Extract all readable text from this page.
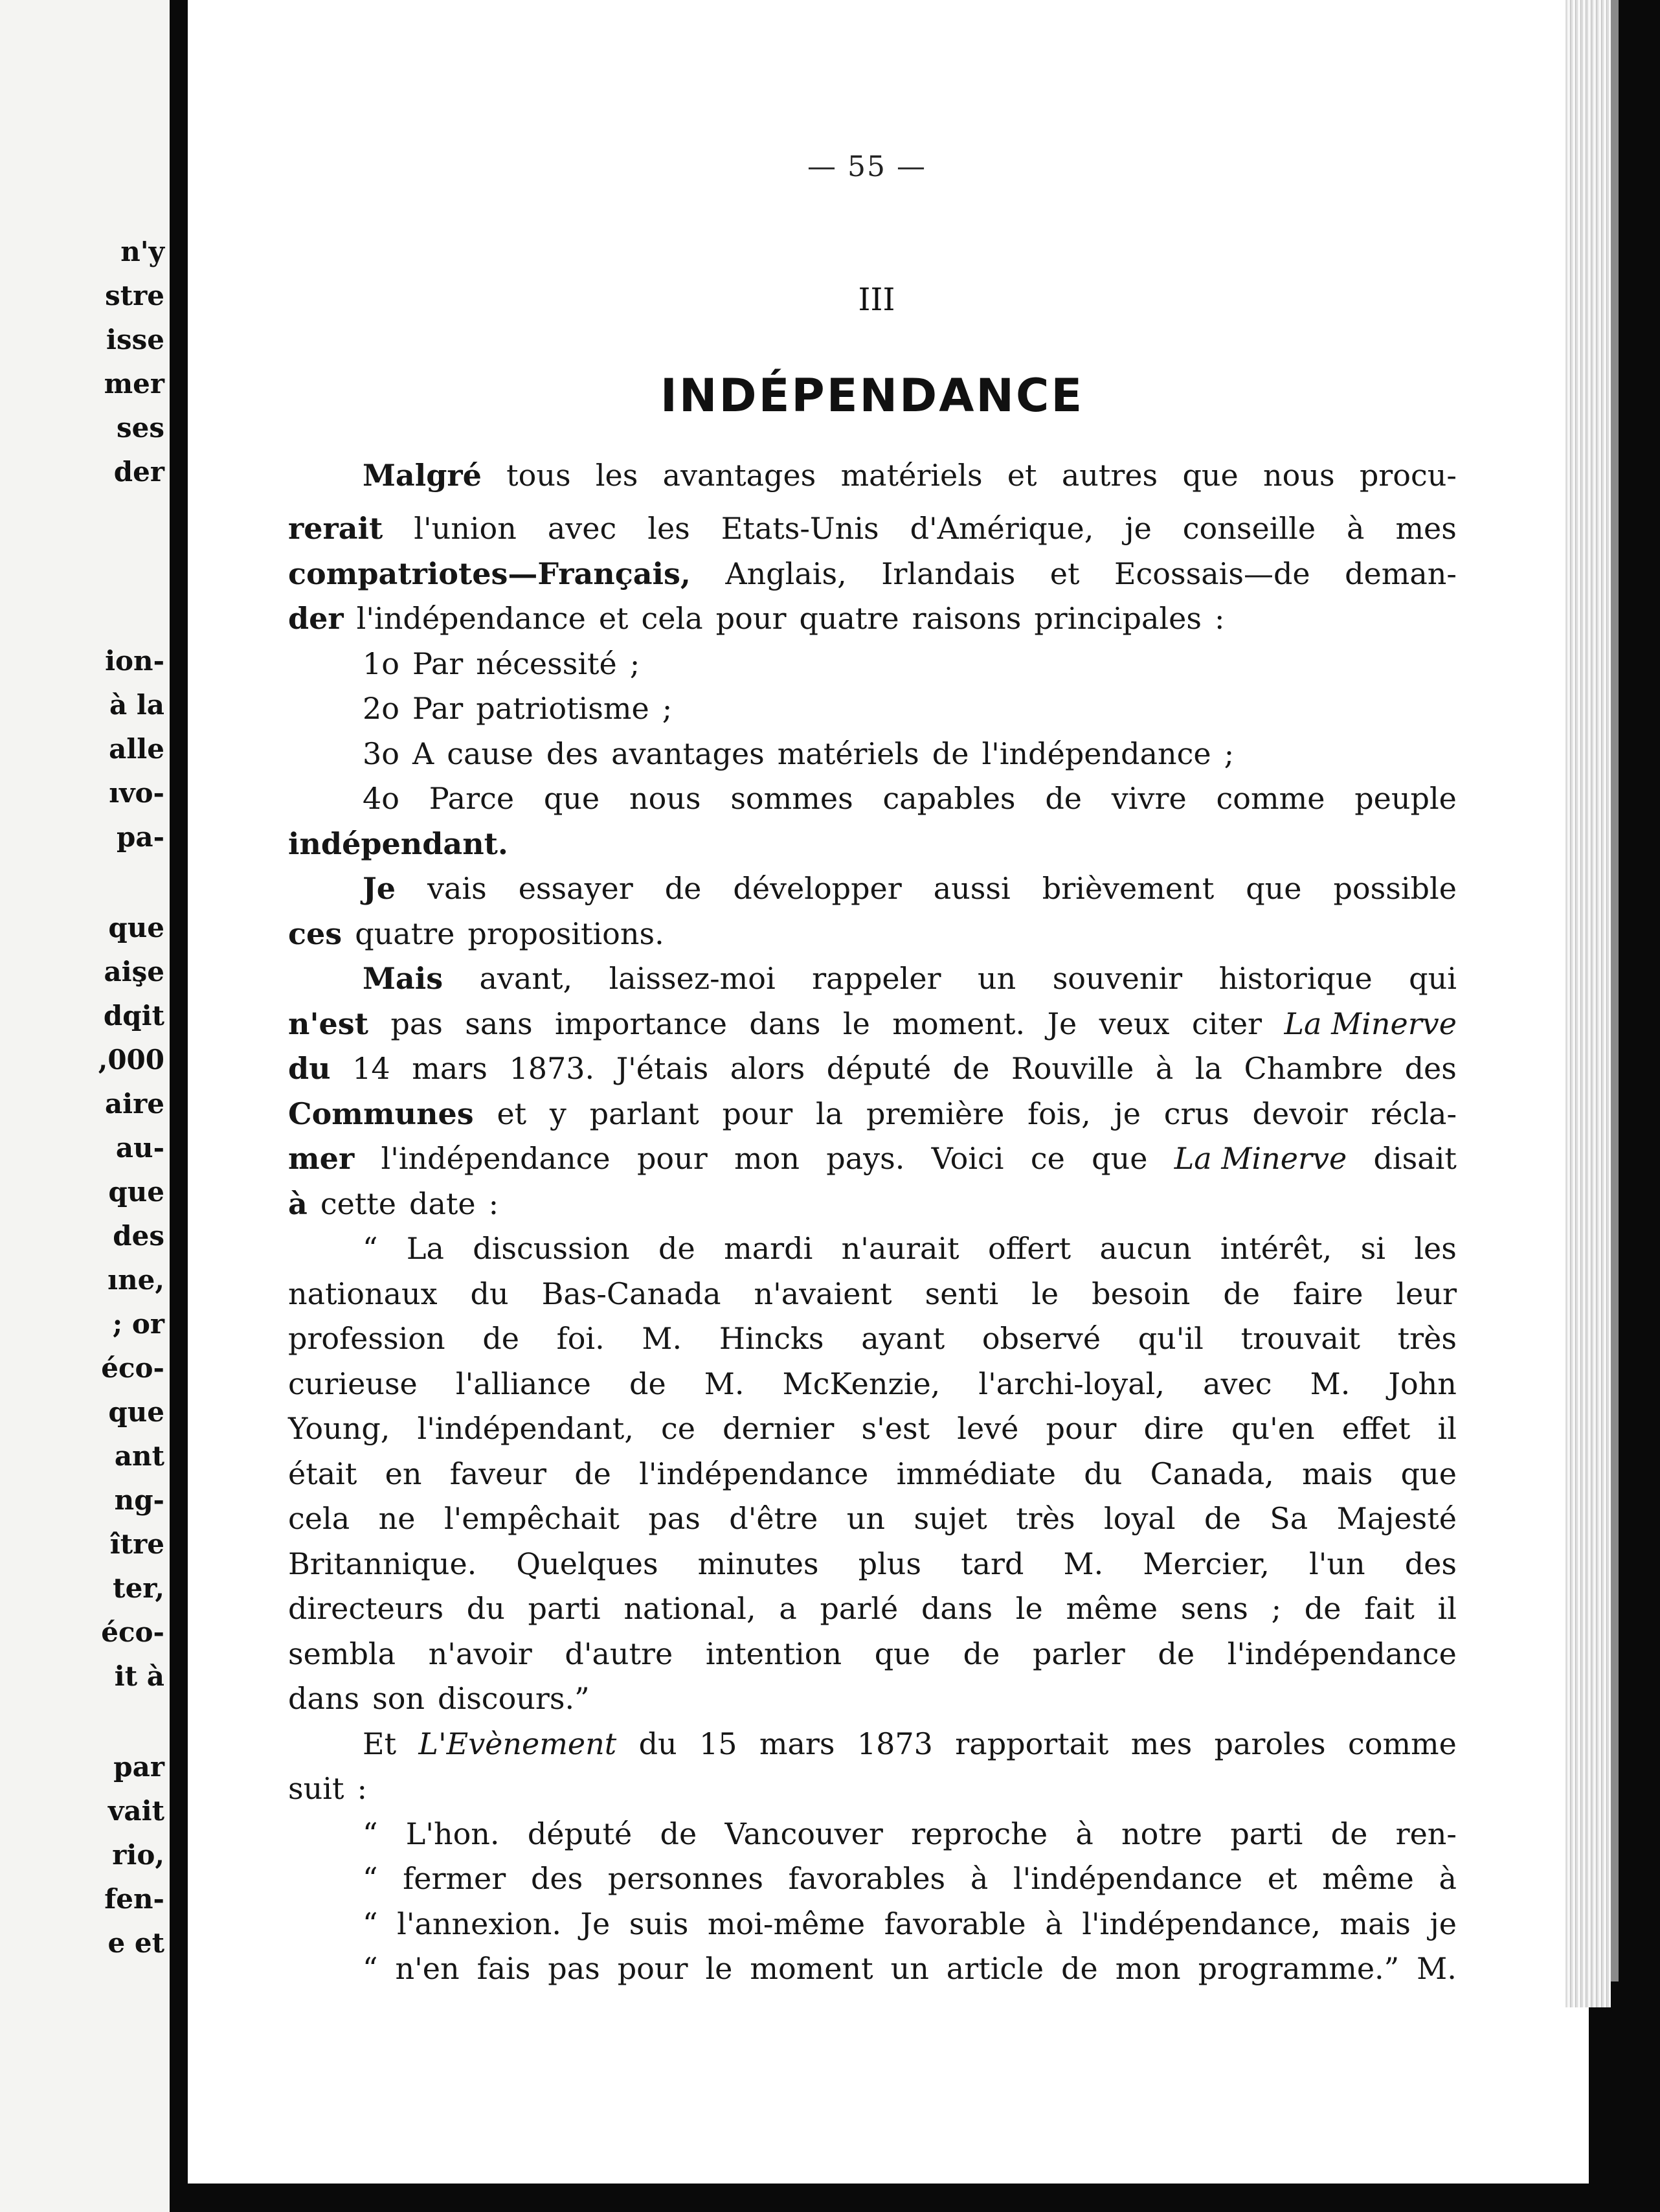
n'y

stre

isse

mer

ses

der

ion-

à la

alle

ıvo-

pa-

que

aişe

dqit

,000

aire

au-

que

des

ıne,

; or

éco-

que

ant

ng-

ître

ter,

éco-

it à

par

vait

rio,

fen-

e et

— 55 —
III
INDÉPENDANCE
Malgré tous les avantages matériels et autres que nous procu-
rerait l'union avec les Etats-Unis d'Amérique, je conseille à mes
compatriotes—Français, Anglais, Irlandais et Ecossais—de deman-
der l'indépendance et cela pour quatre raisons principales :
1o Par nécessité ;
2o Par patriotisme ;
3o A cause des avantages matériels de l'indépendance ;
4o Parce que nous sommes capables de vivre comme peuple
indépendant.
Je vais essayer de développer aussi brièvement que possible
ces quatre propositions.
Mais avant, laissez-moi rappeler un souvenir historique qui
n'est pas sans importance dans le moment. Je veux citer La Minerve
du 14 mars 1873. J'étais alors député de Rouville à la Chambre des
Communes et y parlant pour la première fois, je crus devoir récla-
mer l'indépendance pour mon pays. Voici ce que La Minerve disait
à cette date :
“ La discussion de mardi n'aurait offert aucun intérêt, si les
nationaux du Bas-Canada n'avaient senti le besoin de faire leur
profession de foi. M. Hincks ayant observé qu'il trouvait très
curieuse l'alliance de M. McKenzie, l'archi-loyal, avec M. John
Young, l'indépendant, ce dernier s'est levé pour dire qu'en effet il
était en faveur de l'indépendance immédiate du Canada, mais que
cela ne l'empêchait pas d'être un sujet très loyal de Sa Majesté
Britannique. Quelques minutes plus tard M. Mercier, l'un des
directeurs du parti national, a parlé dans le même sens ; de fait il
sembla n'avoir d'autre intention que de parler de l'indépendance
dans son discours.”
Et L'Evènement du 15 mars 1873 rapportait mes paroles comme
suit :
“ L'hon. député de Vancouver reproche à notre parti de ren-
“ fermer des personnes favorables à l'indépendance et même à
“ l'annexion. Je suis moi-même favorable à l'indépendance, mais je
“ n'en fais pas pour le moment un article de mon programme.” M.
